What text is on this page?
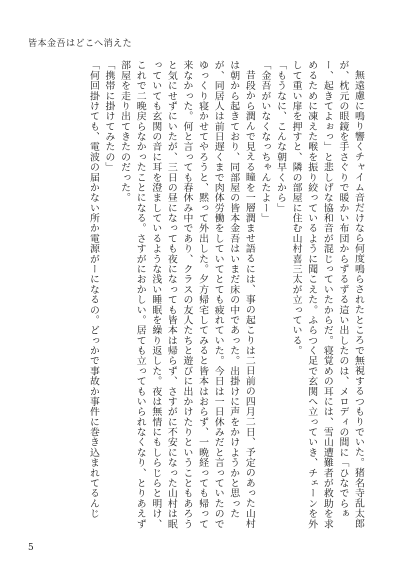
皆本金吾はどこへ消えた

無遠慮に鳴り響くチャイム音だけなら何度鳴らされたところで無視するつもりでいた。猪名寺乱太郎が、枕元の眼鏡を手さぐりで暖かい布団からずるずる這い出したのは、メロディの間に「ひなでらぁー、起きてよぉっ」と悲しげな協和音が混じっていたからだ。寝覚めの耳には、雪山遭難者が救助を求めるために凍えた喉を振り絞っているように聞こえた。ふらつく足で玄関へ立っていき、チェーンを外して重い扉を押すと、隣の部屋に住む山村喜三太が立っている。

「もうなに、こんな朝早くから」

「金吾がいなくなっちゃんたよー」

昔段から潤んで見える瞳を一層潤ませ語るには、事の起こりは二日前の四月二日、予定のあった山村は朝から起きており、同部屋の皆本金吾はいまだ床の中であった。出掛けに声をかけようかと思ったが、同居人は前日遅くまで肉体労働をしていてとても疲れていた。今日は一日休みだと言っていたのでゆっくり寝かせてやろうと、黙って外出した。夕方帰宅してみると皆本はおらず、一晩経っても帰って来なかった。何と言っても春休み中であり、クラスの友人たちと遊びに出かけたりということもあろうと気にせずにいたが、三日の昼になっても夜になっても皆本は帰らず、さすがに不安になった山村は眠っていても玄関の音に耳を澄ましているような浅い睡眠を繰り返した。夜は無情にもしらじらと明け、これで二晩戻らなかったことになる。さすがにおかしい。居ても立ってもいられなくなり、とりあえず部屋を走り出てきたのだった。

「携帯に掛けてみたの」

「何回掛けても、電波の届かない所か電源がーになるの。どっかで事故か事件に巻き込まれてるんじ

5
